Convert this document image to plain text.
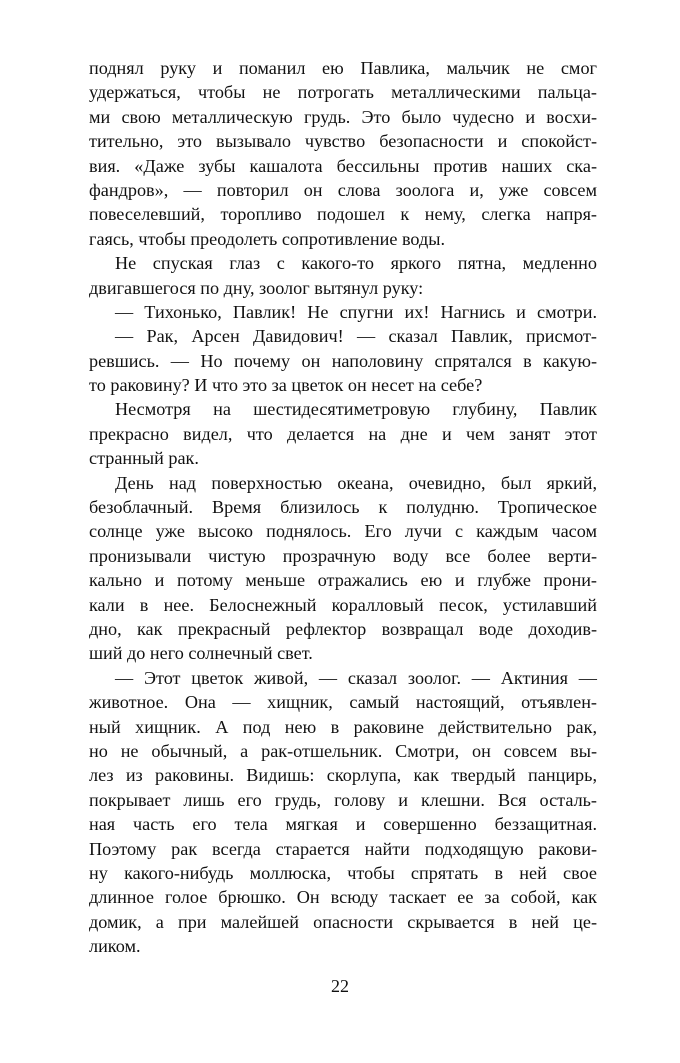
поднял руку и поманил ею Павлика, мальчик не смог
удержаться, чтобы не потрогать металлическими пальца-
ми свою металлическую грудь. Это было чудесно и восхи-
тительно, это вызывало чувство безопасности и спокойст-
вия. «Даже зубы кашалота бессильны против наших ска-
фандров», — повторил он слова зоолога и, уже совсем
повеселевший, торопливо подошел к нему, слегка напря-
гаясь, чтобы преодолеть сопротивление воды.
Не спуская глаз с какого-то яркого пятна, медленно
двигавшегося по дну, зоолог вытянул руку:
— Тихонько, Павлик! Не спугни их! Нагнись и смотри.
— Рак, Арсен Давидович! — сказал Павлик, присмот-
ревшись. — Но почему он наполовину спрятался в какую-
то раковину? И что это за цветок он несет на себе?
Несмотря на шестидесятиметровую глубину, Павлик
прекрасно видел, что делается на дне и чем занят этот
странный рак.
День над поверхностью океана, очевидно, был яркий,
безоблачный. Время близилось к полудню. Тропическое
солнце уже высоко поднялось. Его лучи с каждым часом
пронизывали чистую прозрачную воду все более верти-
кально и потому меньше отражались ею и глубже прони-
кали в нее. Белоснежный коралловый песок, устилавший
дно, как прекрасный рефлектор возвращал воде доходив-
ший до него солнечный свет.
— Этот цветок живой, — сказал зоолог. — Актиния —
животное. Она — хищник, самый настоящий, отъявлен-
ный хищник. А под нею в раковине действительно рак,
но не обычный, а рак-отшельник. Смотри, он совсем вы-
лез из раковины. Видишь: скорлупа, как твердый панцирь,
покрывает лишь его грудь, голову и клешни. Вся осталь-
ная часть его тела мягкая и совершенно беззащитная.
Поэтому рак всегда старается найти подходящую ракови-
ну какого-нибудь моллюска, чтобы спрятать в ней свое
длинное голое брюшко. Он всюду таскает ее за собой, как
домик, а при малейшей опасности скрывается в ней це-
ликом.
22
